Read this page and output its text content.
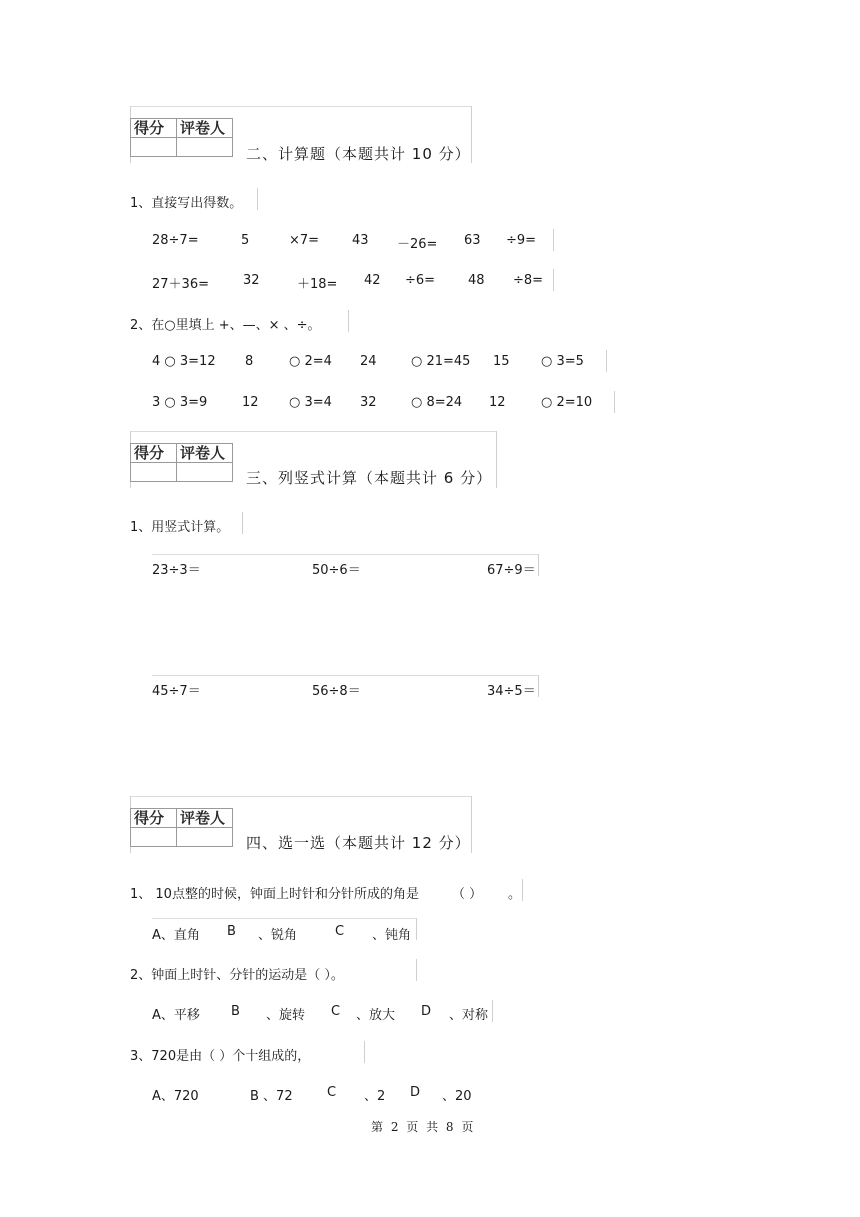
得分	评卷人

二、计算题（本题共计 10 分）
1、直接写出得数。
28÷7=	5	×7=	43 －26= 63 ÷9=
27＋36=	32	＋18= 42 ÷6=	48 ÷8=
2、在○里填上 +、—、× 、÷。
4 ○ 3=12 8	○ 2=4 24	○ 21=45 15 ○ 3=5
3 ○ 3=9	12 ○ 3=4 32	○ 8=24 12	○ 2=10
得分	评卷人

三、列竖式计算（本题共计 6 分）
1、用竖式计算。
23÷3＝	50÷6＝	67÷9＝
45÷7＝	56÷8＝	34÷5＝
得分	评卷人

四、选一选（本题共计 12 分）
1、 10点整的时候，钟面上时针和分针所成的角是	（ ） 。
A、直角 B 、锐角	C 、钝角
2、钟面上时针、分针的运动是（ ）。
A、平移 B 、旋转 C 、放大 D 、对称
3、720是由（ ）个十组成的，
A、720	B 、72	C 、2 D 、20
第 2 页 共 8 页
